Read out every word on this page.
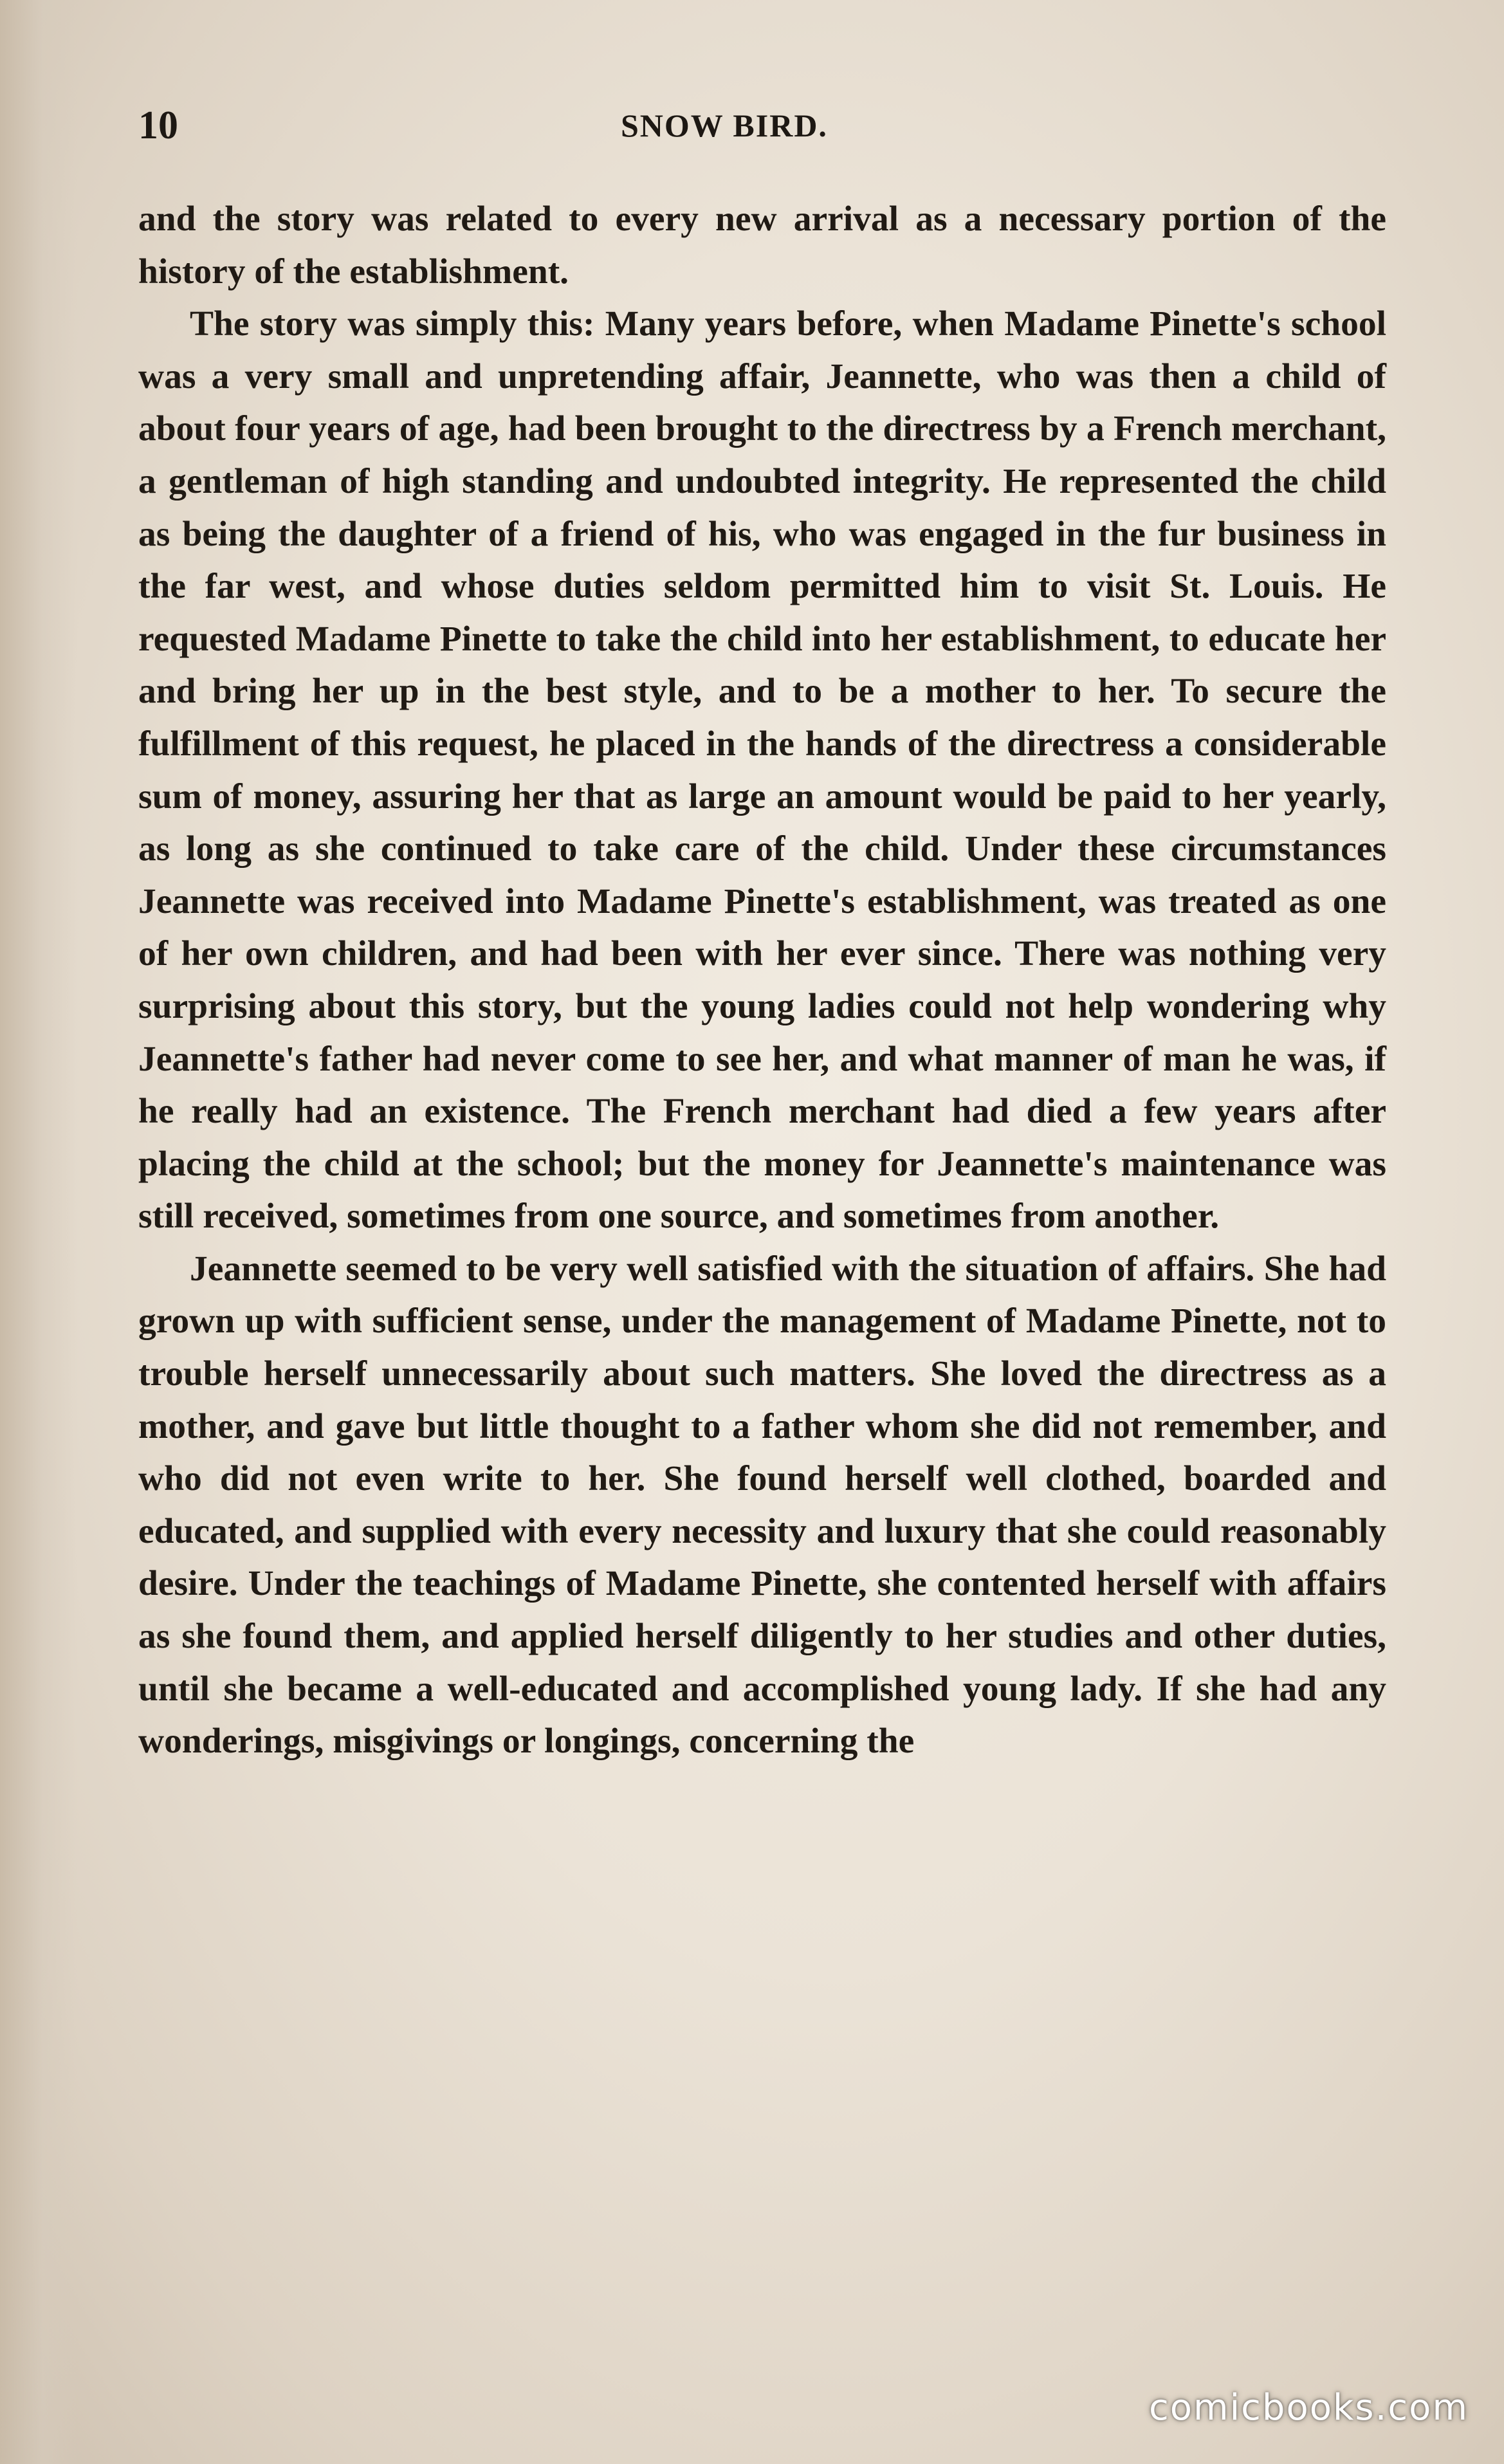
10	SNOW BIRD.

and the story was related to every new arrival as a necessary portion of the history of the establishment.

The story was simply this: Many years before, when Madame Pinette's school was a very small and unpretending affair, Jeannette, who was then a child of about four years of age, had been brought to the directress by a French merchant, a gentleman of high standing and undoubted integrity. He represented the child as being the daughter of a friend of his, who was engaged in the fur business in the far west, and whose duties seldom permitted him to visit St. Louis. He requested Madame Pinette to take the child into her establishment, to educate her and bring her up in the best style, and to be a mother to her. To secure the fulfillment of this request, he placed in the hands of the directress a considerable sum of money, assuring her that as large an amount would be paid to her yearly, as long as she continued to take care of the child. Under these circumstances Jeannette was received into Madame Pinette's establishment, was treated as one of her own children, and had been with her ever since. There was nothing very surprising about this story, but the young ladies could not help wondering why Jeannette's father had never come to see her, and what manner of man he was, if he really had an existence. The French merchant had died a few years after placing the child at the school; but the money for Jeannette's maintenance was still received, sometimes from one source, and sometimes from another.

Jeannette seemed to be very well satisfied with the situation of affairs. She had grown up with sufficient sense, under the management of Madame Pinette, not to trouble herself unnecessarily about such matters. She loved the directress as a mother, and gave but little thought to a father whom she did not remember, and who did not even write to her. She found herself well clothed, boarded and educated, and supplied with every necessity and luxury that she could reasonably desire. Under the teachings of Madame Pinette, she contented herself with affairs as she found them, and applied herself diligently to her studies and other duties, until she became a well-educated and accomplished young lady. If she had any wonderings, misgivings or longings, concerning the

comicbooks.com
